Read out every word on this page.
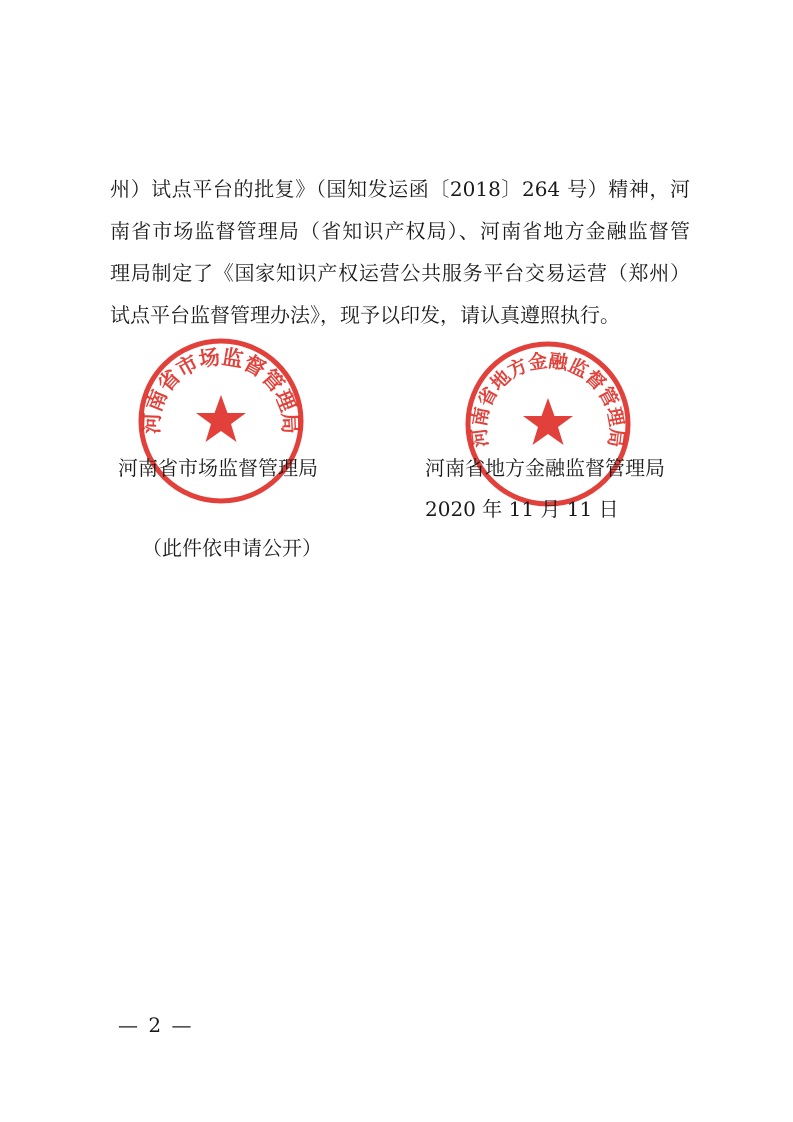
州）试点平台的批复》（国知发运函〔2018〕264 号）精神，河
南省市场监督管理局（省知识产权局）、河南省地方金融监督管
理局制定了《国家知识产权运营公共服务平台交易运营（郑州）
试点平台监督管理办法》，现予以印发，请认真遵照执行。
河南省市场监督管理局
河南省地方金融监督管理局
河南省市场监督管理局	河南省地方金融监督管理局
2020 年 11 月 11 日
（此件依申请公开）
— 2 —
